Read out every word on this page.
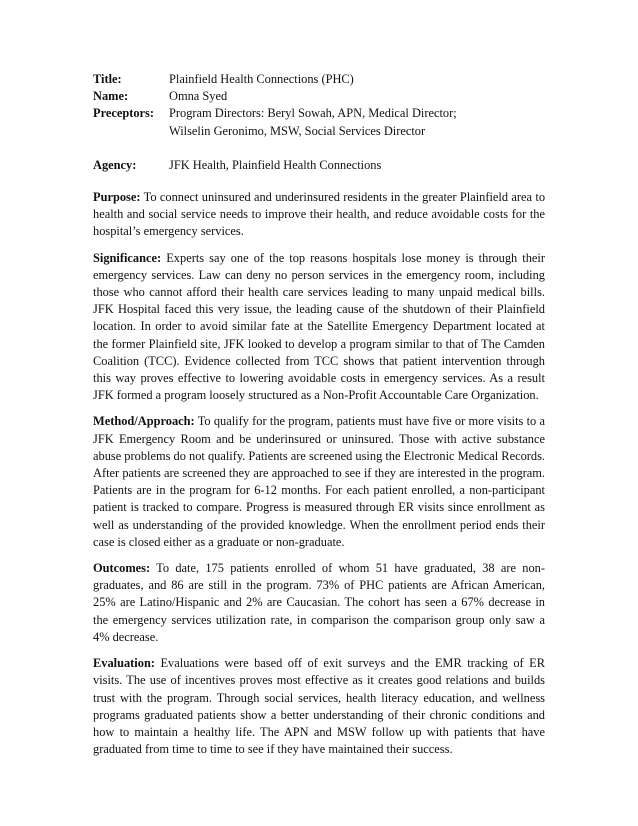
Title:	Plainfield Health Connections (PHC)
Name:	Omna Syed
Preceptors:	Program Directors: Beryl Sowah, APN, Medical Director;
Wilselin Geronimo, MSW, Social Services Director
Agency:	JFK Health, Plainfield Health Connections

Purpose: To connect uninsured and underinsured residents in the greater Plainfield area to health and social service needs to improve their health, and reduce avoidable costs for the hospital’s emergency services.

Significance: Experts say one of the top reasons hospitals lose money is through their emergency services. Law can deny no person services in the emergency room, including those who cannot afford their health care services leading to many unpaid medical bills. JFK Hospital faced this very issue, the leading cause of the shutdown of their Plainfield location. In order to avoid similar fate at the Satellite Emergency Department located at the former Plainfield site, JFK looked to develop a program similar to that of The Camden Coalition (TCC). Evidence collected from TCC shows that patient intervention through this way proves effective to lowering avoidable costs in emergency services. As a result JFK formed a program loosely structured as a Non-Profit Accountable Care Organization.

Method/Approach: To qualify for the program, patients must have five or more visits to a JFK Emergency Room and be underinsured or uninsured. Those with active substance abuse problems do not qualify. Patients are screened using the Electronic Medical Records. After patients are screened they are approached to see if they are interested in the program. Patients are in the program for 6-12 months. For each patient enrolled, a non-participant patient is tracked to compare. Progress is measured through ER visits since enrollment as well as understanding of the provided knowledge. When the enrollment period ends their case is closed either as a graduate or non-graduate.

Outcomes: To date, 175 patients enrolled of whom 51 have graduated, 38 are non-graduates, and 86 are still in the program. 73% of PHC patients are African American, 25% are Latino/Hispanic and 2% are Caucasian. The cohort has seen a 67% decrease in the emergency services utilization rate, in comparison the comparison group only saw a 4% decrease.

Evaluation: Evaluations were based off of exit surveys and the EMR tracking of ER visits. The use of incentives proves most effective as it creates good relations and builds trust with the program. Through social services, health literacy education, and wellness programs graduated patients show a better understanding of their chronic conditions and how to maintain a healthy life. The APN and MSW follow up with patients that have graduated from time to time to see if they have maintained their success.
